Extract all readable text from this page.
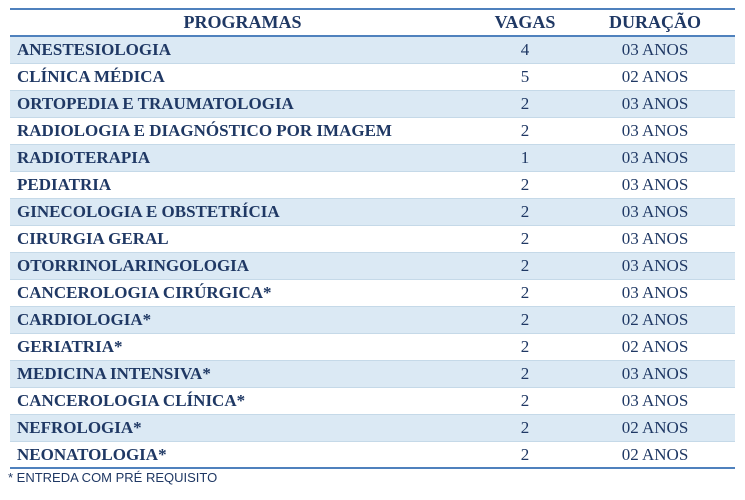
PROGRAMAS	VAGAS	DURAÇÃO
ANESTESIOLOGIA	4	03 ANOS
CLÍNICA MÉDICA	5	02 ANOS
ORTOPEDIA E TRAUMATOLOGIA	2	03 ANOS
RADIOLOGIA E DIAGNÓSTICO POR IMAGEM	2	03 ANOS
RADIOTERAPIA	1	03 ANOS
PEDIATRIA	2	03 ANOS
GINECOLOGIA E OBSTETRÍCIA	2	03 ANOS
CIRURGIA GERAL	2	03 ANOS
OTORRINOLARINGOLOGIA	2	03 ANOS
CANCEROLOGIA CIRÚRGICA*	2	03 ANOS
CARDIOLOGIA*	2	02 ANOS
GERIATRIA*	2	02 ANOS
MEDICINA INTENSIVA*	2	03 ANOS
CANCEROLOGIA CLÍNICA*	2	03 ANOS
NEFROLOGIA*	2	02 ANOS
NEONATOLOGIA*	2	02 ANOS
* ENTREDA COM PRÉ REQUISITO
